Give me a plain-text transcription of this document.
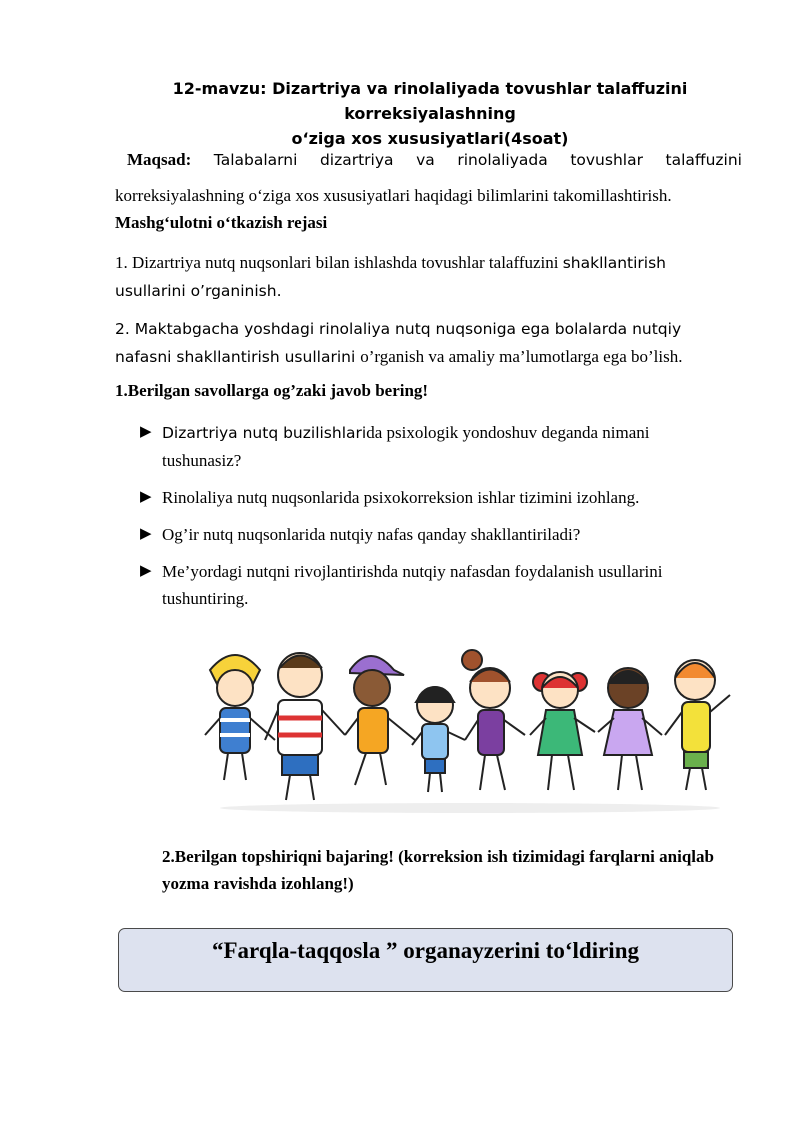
12-mavzu: Dizartriya va rinolaliyada tovushlar talaffuzini korreksiyalashning
o‘ziga xos xususiyatlari(4soat)
Maqsad: Talabalarni dizartriya va rinolaliyada tovushlar talaffuzini
korreksiyalashning o‘ziga xos xususiyatlari haqidagi bilimlarini takomillashtirish.
Mashg‘ulotni o‘tkazish rejasi
1. Dizartriya nutq nuqsonlari bilan ishlashda tovushlar talaffuzini shakllantirish usullarini o’rganinish.
2. Maktabgacha yoshdagi rinolaliya nutq nuqsoniga ega bolalarda nutqiy nafasni shakllantirish usullarini o’rganish va amaliy ma’lumotlarga ega bo’lish.
1.Berilgan savollarga og’zaki javob bering!
▶ Dizartriya nutq buzilishlarida psixologik yondoshuv deganda nimani tushunasiz?
▶ Rinolaliya nutq nuqsonlarida psixokorreksion ishlar tizimini izohlang.
▶ Og’ir nutq nuqsonlarida nutqiy nafas qanday shakllantiriladi?
▶ Me’yordagi nutqni rivojlantirishda nutqiy nafasdan foydalanish usullarini tushuntiring.
2.Berilgan topshiriqni bajaring! (korreksion ish tizimidagi farqlarni aniqlab yozma ravishda izohlang!)
“Farqla-taqqosla ” organayzerini to‘ldiring
